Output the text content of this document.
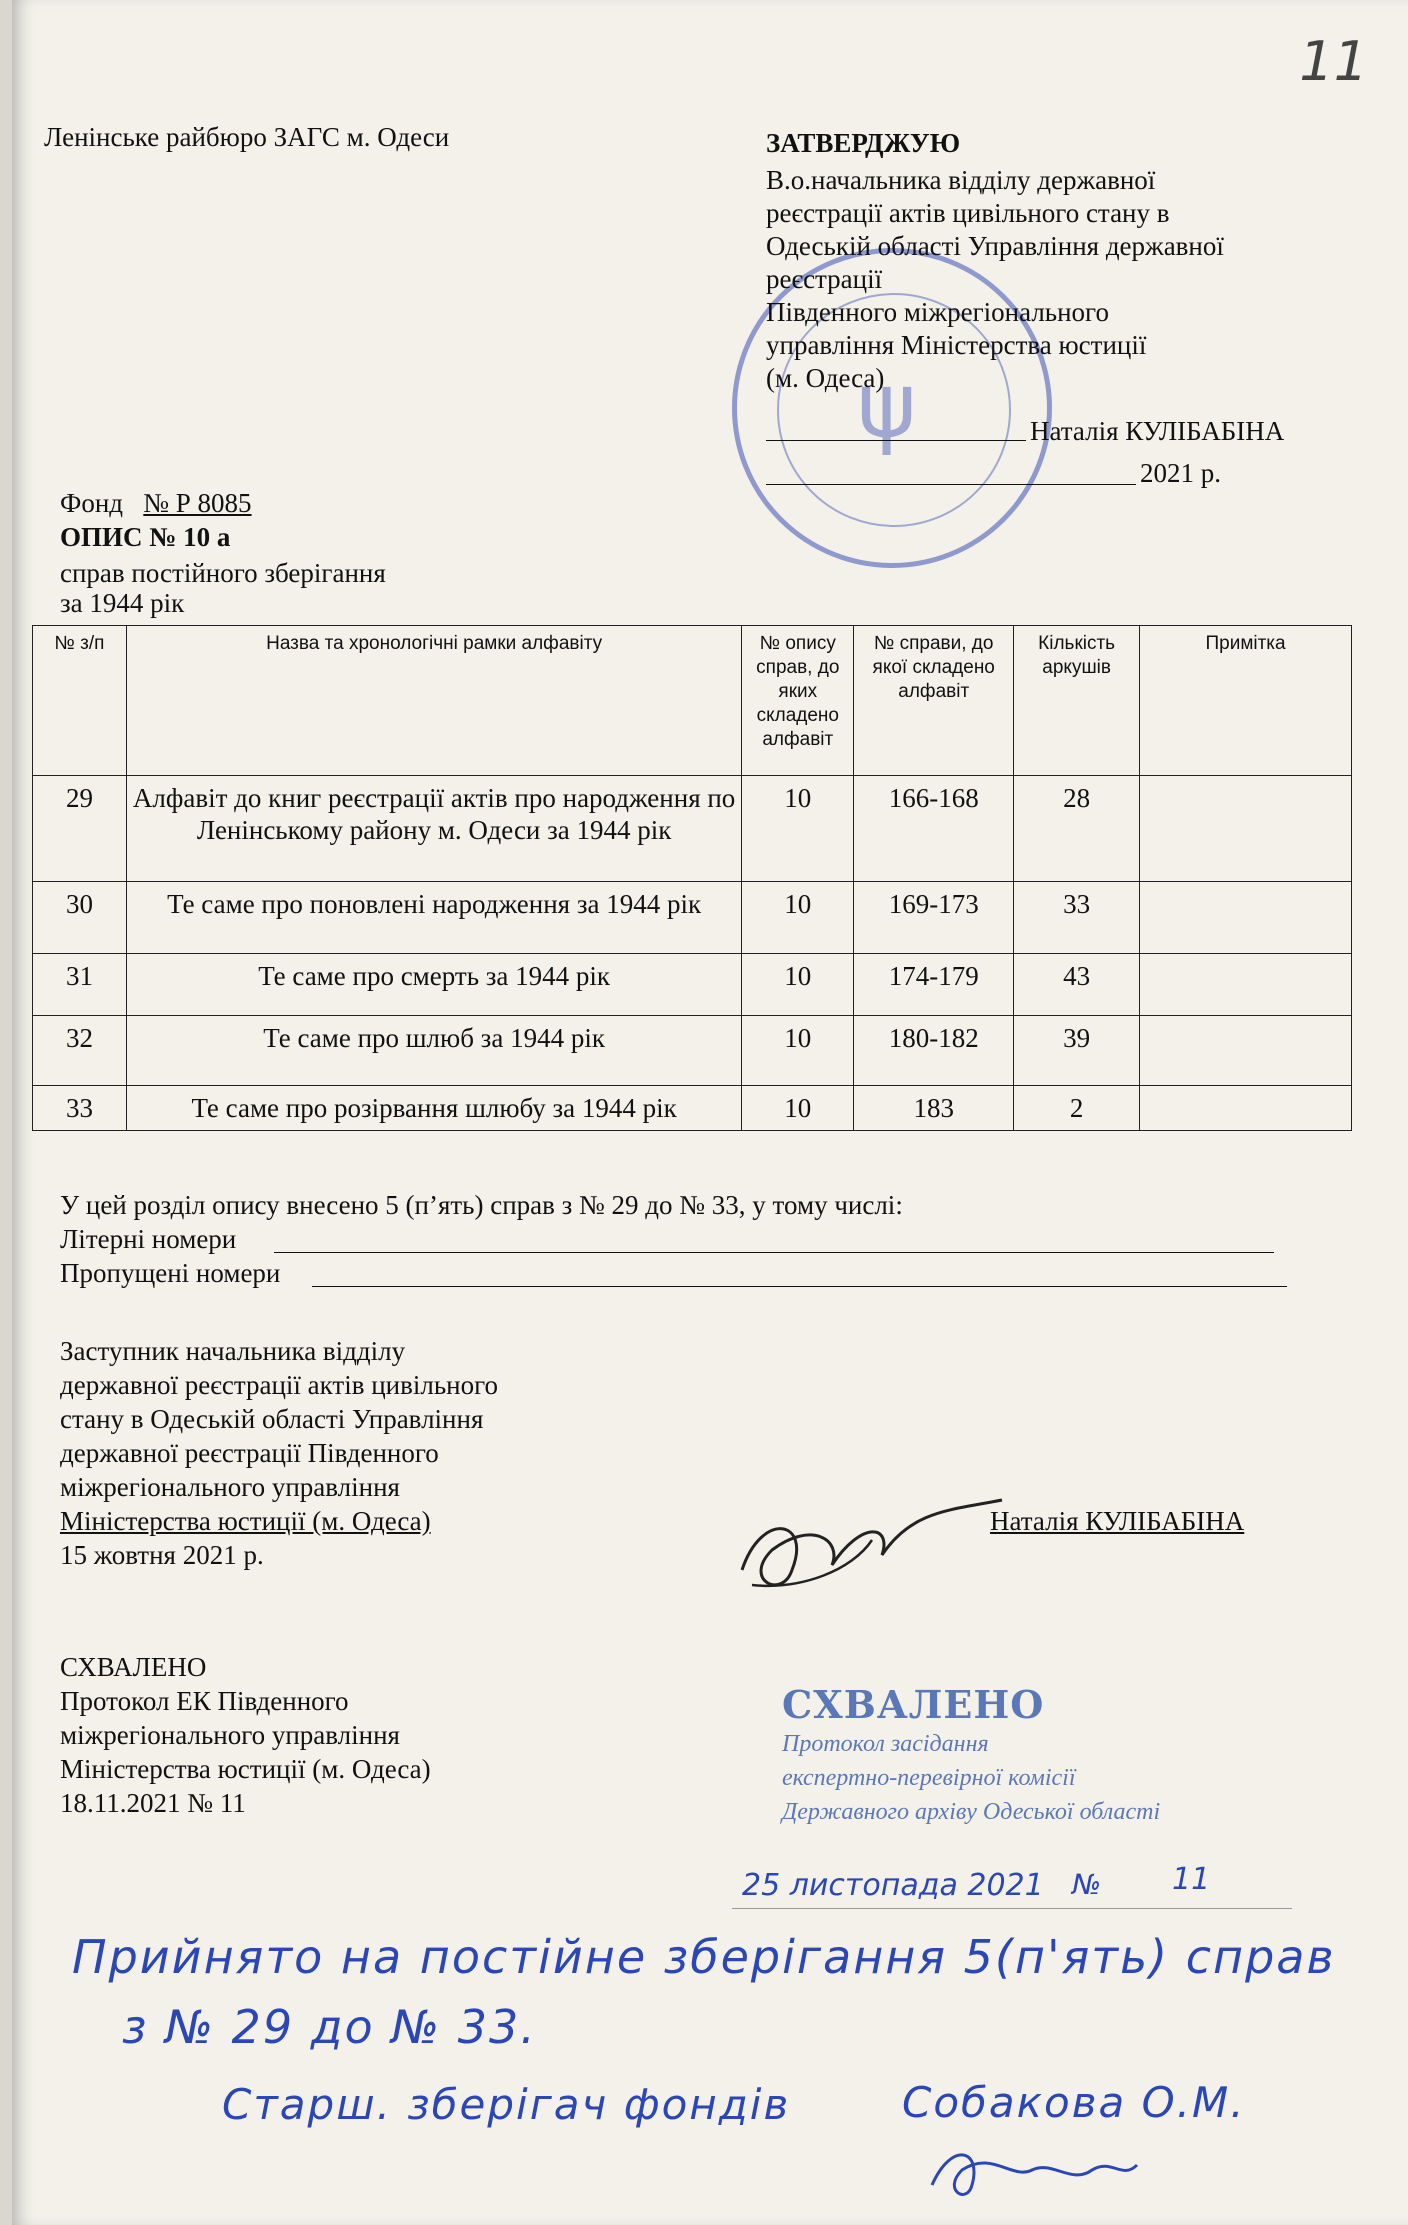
11
Ленінське райбюро ЗАГС м. Одеси
ψ
ЗАТВЕРДЖУЮ
В.о.начальника відділу державної
реєстрації актів цивільного стану в
Одеській області Управління державної
реєстрації
Південного міжрегіонального
управління Міністерства юстиції
(м. Одеса)
Наталія КУЛІБАБІНА
2021 р.
Фонд № Р 8085
ОПИС № 10 а
справ постійного зберігання
за 1944 рік
№ з/п	Назва та хронологічні рамки алфавіту	№ опису справ, до яких складено алфавіт	№ справи, до якої складено алфавіт	Кількість аркушів	Примітка
29	Алфавіт до книг реєстрації актів про народження по Ленінському району м. Одеси за 1944 рік	10	166-168	28	
30	Те саме про поновлені народження за 1944 рік	10	169-173	33	
31	Те саме про смерть за 1944 рік	10	174-179	43	
32	Те саме про шлюб за 1944 рік	10	180-182	39	
33	Те саме про розірвання шлюбу за 1944 рік	10	183	2	
У цей розділ опису внесено 5 (п’ять) справ з № 29 до № 33, у тому числі:
Літерні номери
Пропущені номери
Заступник начальника відділу
державної реєстрації актів цивільного
стану в Одеській області Управління
державної реєстрації Південного
міжрегіонального управління
Міністерства юстиції (м. Одеса)
15 жовтня 2021 р.
Наталія КУЛІБАБІНА
СХВАЛЕНО
Протокол ЕК Південного
міжрегіонального управління
Міністерства юстиції (м. Одеса)
18.11.2021 № 11
СХВАЛЕНО
Протокол засідання
експертно-перевірної комісії
Державного архіву Одеської області
25 листопада 2021 № 11
Прийнято на постійне зберігання 5(п'ять) справ
з № 29 до № 33.
Старш. зберігач фондів	Собакова О.М.
